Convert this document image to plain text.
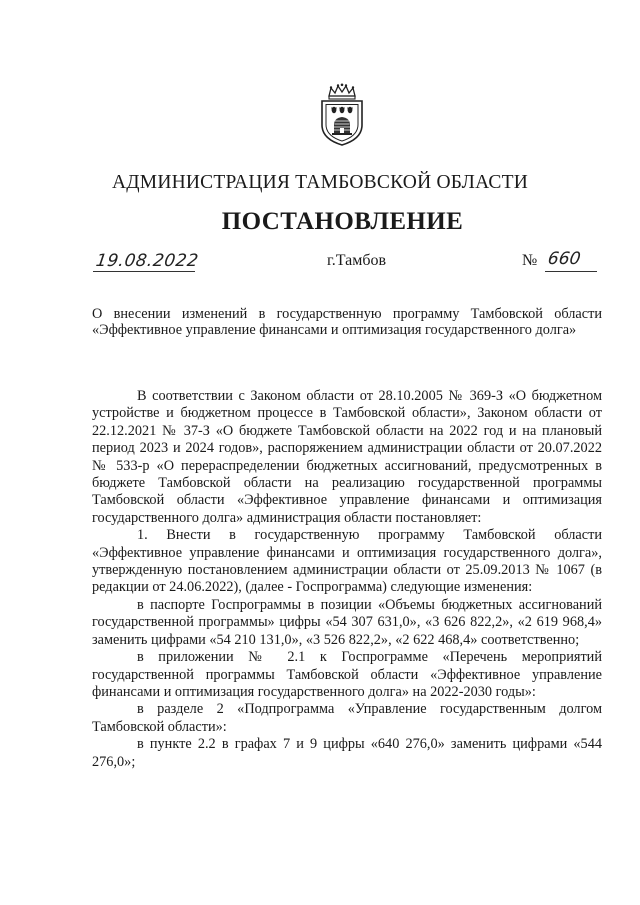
АДМИНИСТРАЦИЯ ТАМБОВСКОЙ ОБЛАСТИ
ПОСТАНОВЛЕНИЕ
19.08.2022	г.Тамбов	№ 660
О внесении изменений в государственную программу Тамбовской области «Эффективное управление финансами и оптимизация государственного долга»

В соответствии с Законом области от 28.10.2005 № 369-З «О бюджетном устройстве и бюджетном процессе в Тамбовской области», Законом области от 22.12.2021 № 37-З «О бюджете Тамбовской области на 2022 год и на плановый период 2023 и 2024 годов», распоряжением администрации области от 20.07.2022 № 533-р «О перераспределении бюджетных ассигнований, предусмотренных в бюджете Тамбовской области на реализацию государственной программы Тамбовской области «Эффективное управление финансами и оптимизация государственного долга» администрация области постановляет:

1. Внести в государственную программу Тамбовской области «Эффективное управление финансами и оптимизация государственного долга», утвержденную постановлением администрации области от 25.09.2013 № 1067 (в редакции от 24.06.2022), (далее - Госпрограмма) следующие изменения:

в паспорте Госпрограммы в позиции «Объемы бюджетных ассигнований государственной программы» цифры «54 307 631,0», «3 626 822,2», «2 619 968,4» заменить цифрами «54 210 131,0», «3 526 822,2», «2 622 468,4» соответственно;

в приложении № 2.1 к Госпрограмме «Перечень мероприятий государственной программы Тамбовской области «Эффективное управление финансами и оптимизация государственного долга» на 2022-2030 годы»:

в разделе 2 «Подпрограмма «Управление государственным долгом Тамбовской области»:

в пункте 2.2 в графах 7 и 9 цифры «640 276,0» заменить цифрами «544 276,0»;
